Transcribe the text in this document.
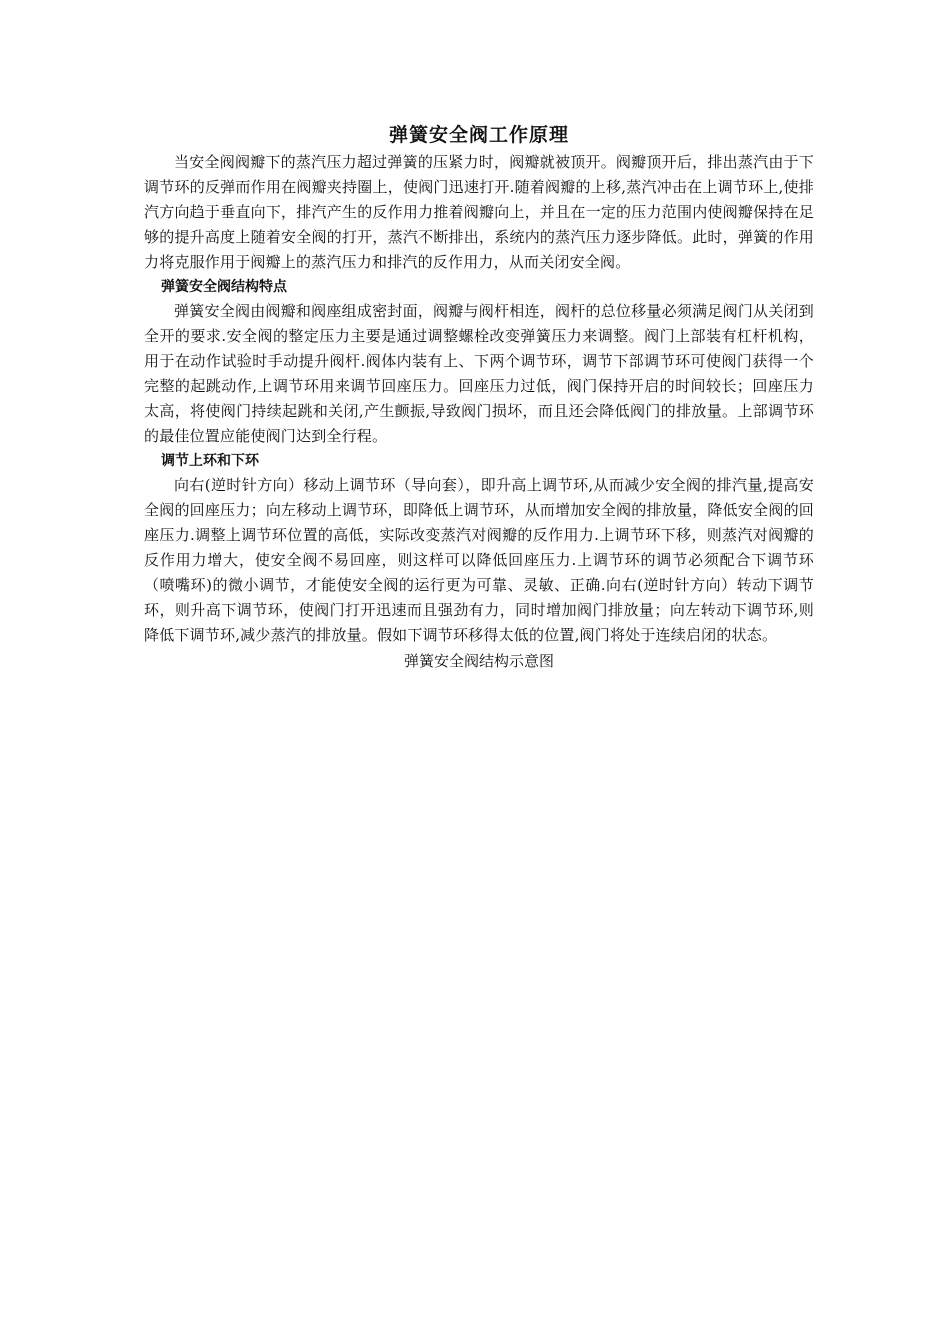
弹簧安全阀工作原理

当安全阀阀瓣下的蒸汽压力超过弹簧的压紧力时，阀瓣就被顶开。阀瓣顶开后，排出蒸汽由于下调节环的反弹而作用在阀瓣夹持圈上，使阀门迅速打开.随着阀瓣的上移,蒸汽冲击在上调节环上,使排汽方向趋于垂直向下，排汽产生的反作用力推着阀瓣向上，并且在一定的压力范围内使阀瓣保持在足够的提升高度上随着安全阀的打开，蒸汽不断排出，系统内的蒸汽压力逐步降低。此时，弹簧的作用力将克服作用于阀瓣上的蒸汽压力和排汽的反作用力，从而关闭安全阀。

弹簧安全阀结构特点

弹簧安全阀由阀瓣和阀座组成密封面，阀瓣与阀杆相连，阀杆的总位移量必须满足阀门从关闭到全开的要求.安全阀的整定压力主要是通过调整螺栓改变弹簧压力来调整。阀门上部装有杠杆机构，用于在动作试验时手动提升阀杆.阀体内装有上、下两个调节环，调节下部调节环可使阀门获得一个完整的起跳动作,上调节环用来调节回座压力。回座压力过低，阀门保持开启的时间较长；回座压力太高，将使阀门持续起跳和关闭,产生颤振,导致阀门损坏，而且还会降低阀门的排放量。上部调节环的最佳位置应能使阀门达到全行程。

调节上环和下环

向右(逆时针方向）移动上调节环（导向套），即升高上调节环,从而减少安全阀的排汽量,提高安全阀的回座压力；向左移动上调节环，即降低上调节环，从而增加安全阀的排放量，降低安全阀的回座压力.调整上调节环位置的高低，实际改变蒸汽对阀瓣的反作用力.上调节环下移，则蒸汽对阀瓣的反作用力增大，使安全阀不易回座，则这样可以降低回座压力.上调节环的调节必须配合下调节环（喷嘴环)的微小调节，才能使安全阀的运行更为可靠、灵敏、正确.向右(逆时针方向）转动下调节环，则升高下调节环，使阀门打开迅速而且强劲有力，同时增加阀门排放量；向左转动下调节环,则降低下调节环,减少蒸汽的排放量。假如下调节环移得太低的位置,阀门将处于连续启闭的状态。

弹簧安全阀结构示意图
